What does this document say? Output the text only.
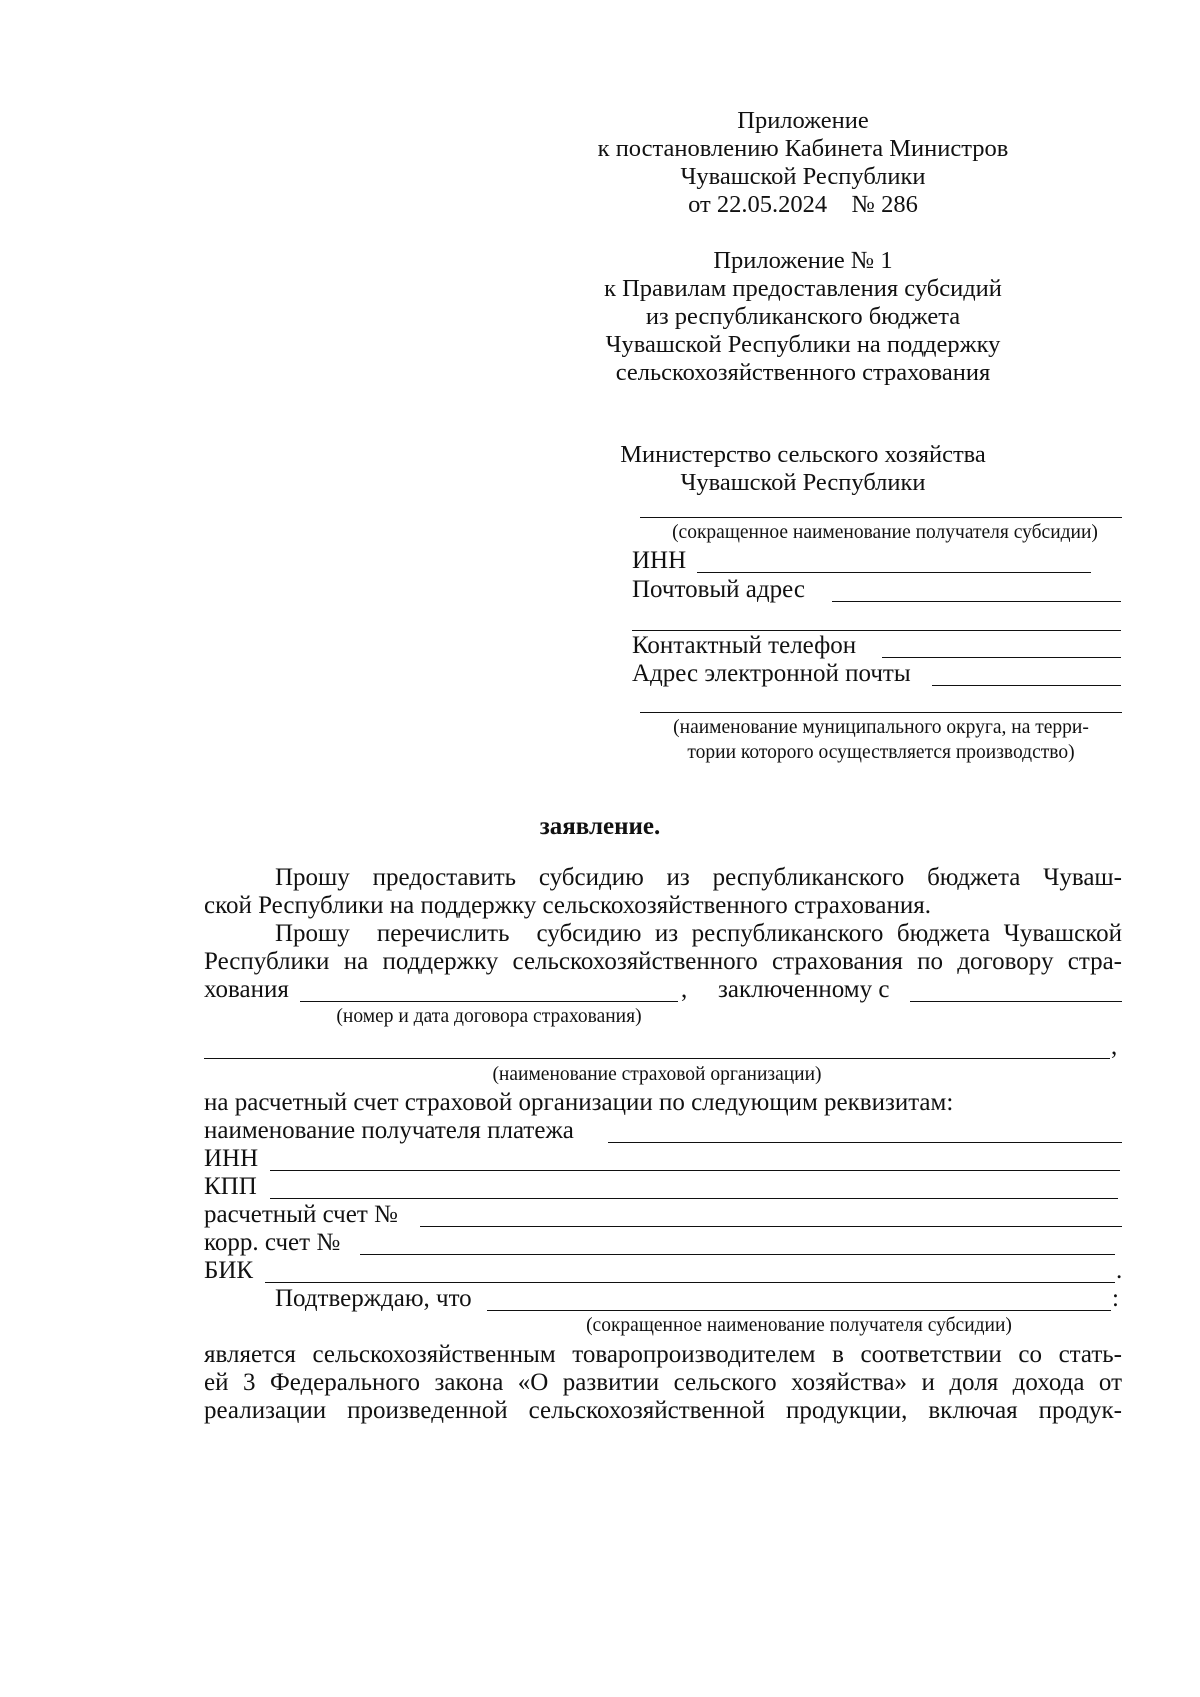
Приложение
к постановлению Кабинета Министров
Чувашской Республики
от 22.05.2024    № 286
Приложение № 1
к Правилам предоставления субсидий
из республиканского бюджета
Чувашской Республики на поддержку
сельскохозяйственного страхования
Министерство сельского хозяйства
Чувашской Республики
(сокращенное наименование получателя субсидии)
ИНН
Почтовый адрес
Контактный телефон
Адрес электронной почты
(наименование муниципального округа, на терри-
тории которого осуществляется производство)
заявление.
Прошу  предоставить  субсидию  из  республиканского  бюджета  Чуваш-
ской Республики на поддержку сельскохозяйственного страхования.
Прошу  перечислить  субсидию из республиканского бюджета Чувашской
Республики на поддержку сельскохозяйственного страхования по договору стра-
хования	, заключенному с
(номер и дата договора страхования)
,
(наименование страховой организации)
на расчетный счет страховой организации по следующим реквизитам:
наименование получателя платежа
ИНН
КПП
расчетный счет №
корр. счет №
БИК	.
Подтверждаю, что	:
(сокращенное наименование получателя субсидии)
является сельскохозяйственным товаропроизводителем в соответствии со стать-
ей 3 Федерального закона «О развитии сельского хозяйства» и доля дохода от
реализации произведенной сельскохозяйственной продукции, включая продук-
